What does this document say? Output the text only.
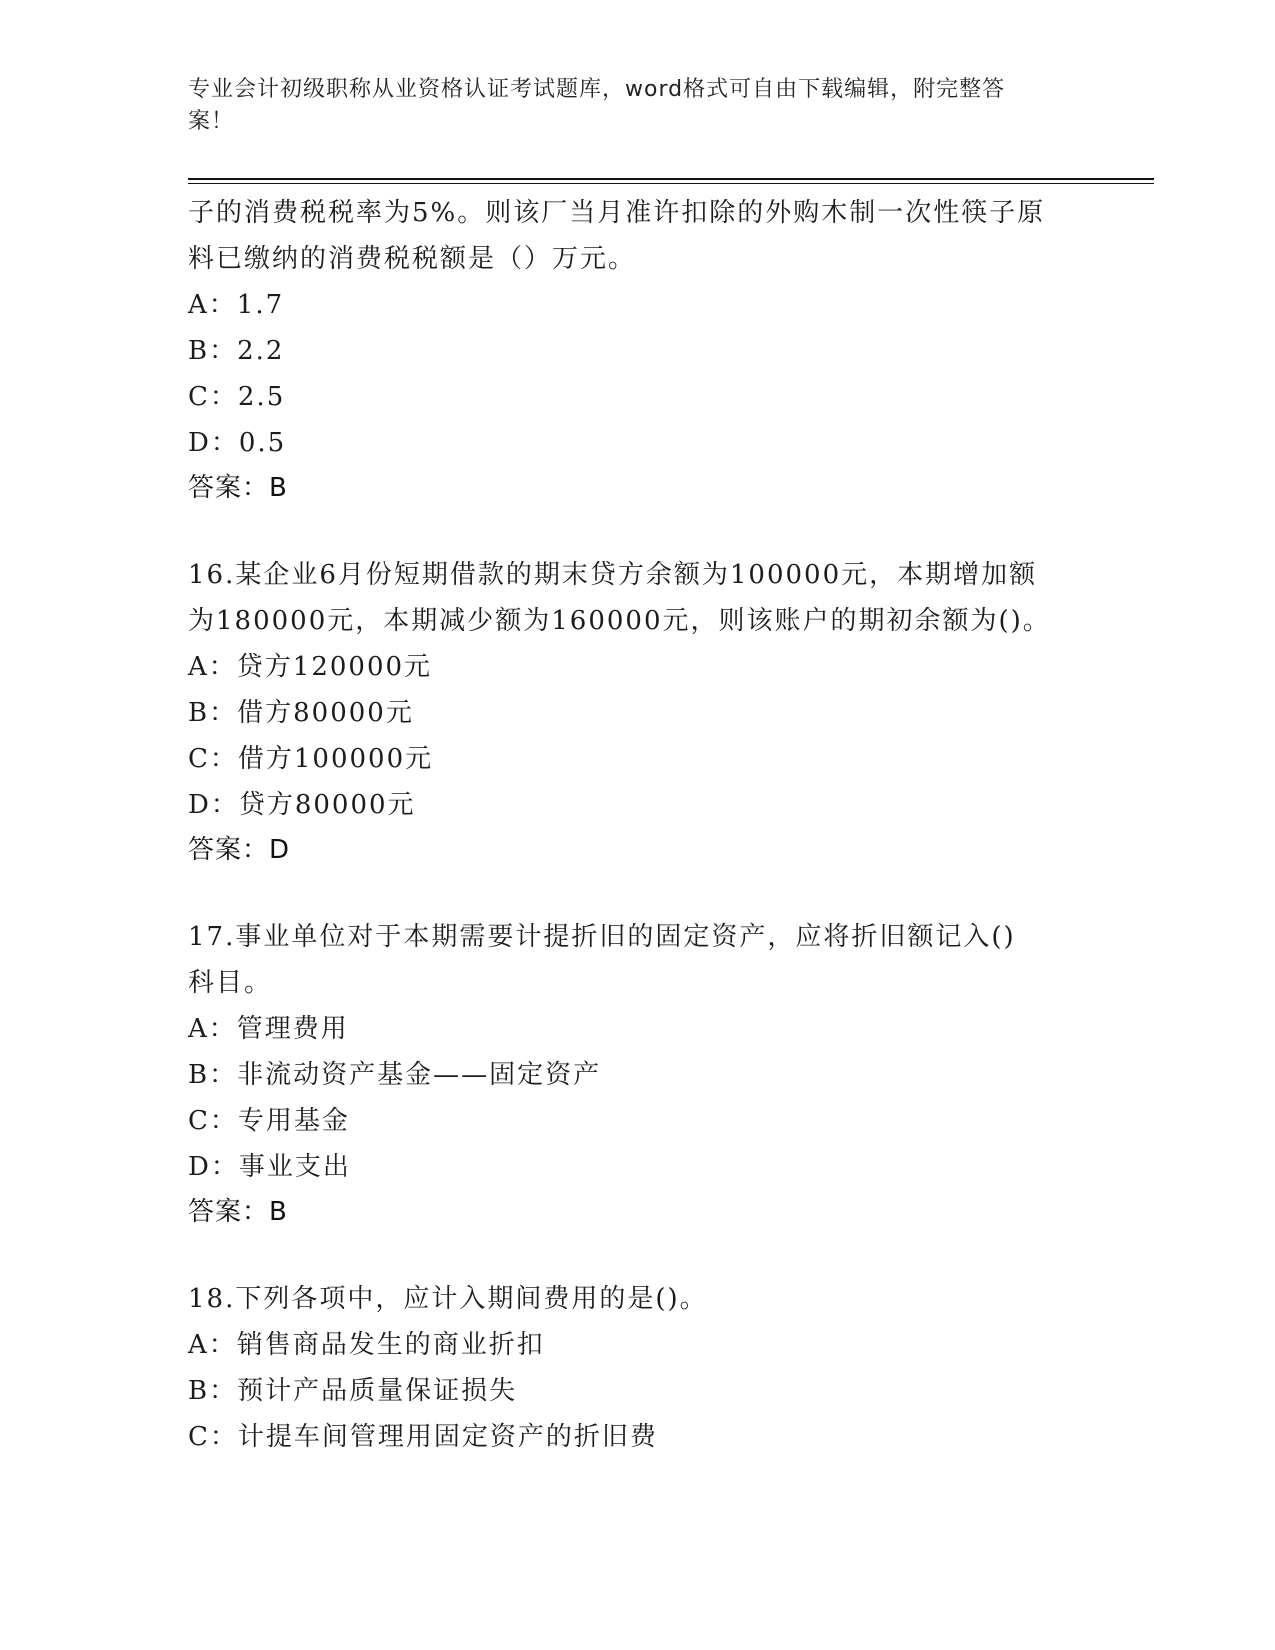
专业会计初级职称从业资格认证考试题库，word格式可自由下载编辑，附完整答
案！
子的消费税税率为5%。则该厂当月准许扣除的外购木制一次性筷子原
料已缴纳的消费税税额是（）万元。
A：1.7
B：2.2
C：2.5
D：0.5
答案：B
16.某企业6月份短期借款的期末贷方余额为100000元，本期增加额
为180000元，本期减少额为160000元，则该账户的期初余额为()。
A：贷方120000元
B：借方80000元
C：借方100000元
D：贷方80000元
答案：D
17.事业单位对于本期需要计提折旧的固定资产，应将折旧额记入()
科目。
A：管理费用
B：非流动资产基金——固定资产
C：专用基金
D：事业支出
答案：B
18.下列各项中，应计入期间费用的是()。
A：销售商品发生的商业折扣
B：预计产品质量保证损失
C：计提车间管理用固定资产的折旧费
